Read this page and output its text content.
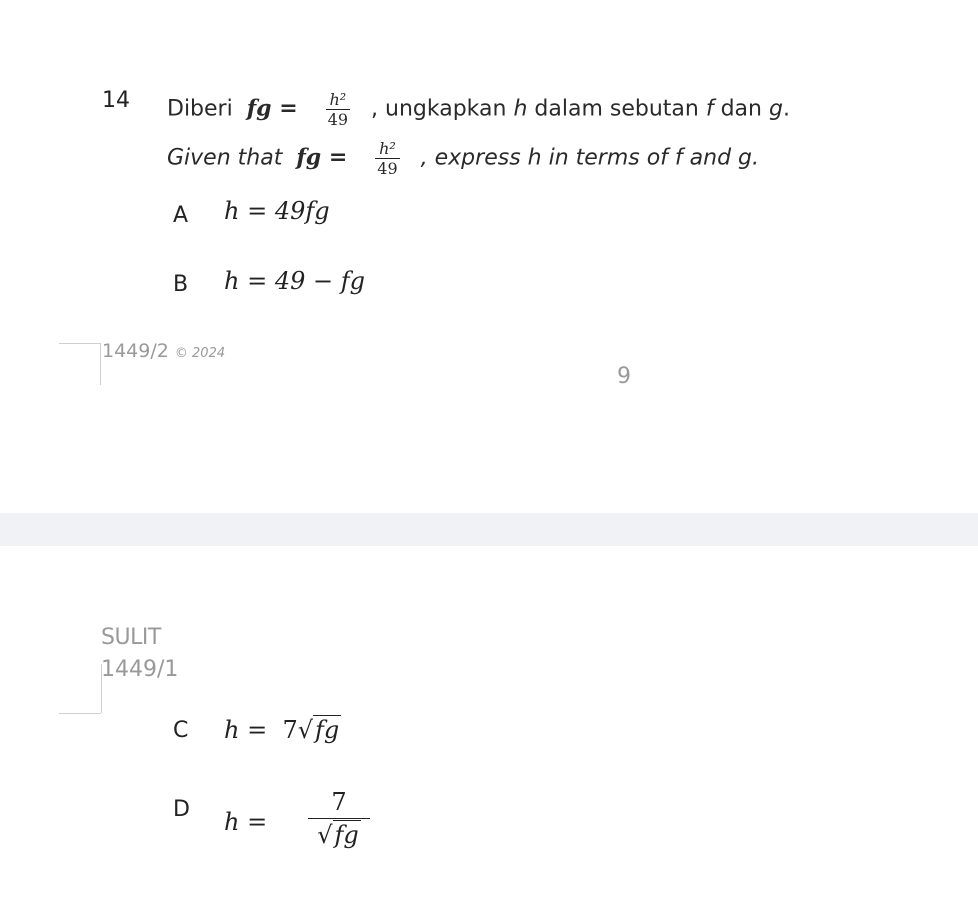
14 Diberi fg = $\frac{\text{h²}}{49}$ , ungkapkan h dalam sebutan f dan g.
Given that fg = $\frac{\text{h²}}{49}$ , express h in terms of f and g.
A h = 49fg
B h = 49 − fg
1449/2 © 2024
9
SULIT
1449/1
C h = 7√fg
D $h = \frac{7}{√fg}$
